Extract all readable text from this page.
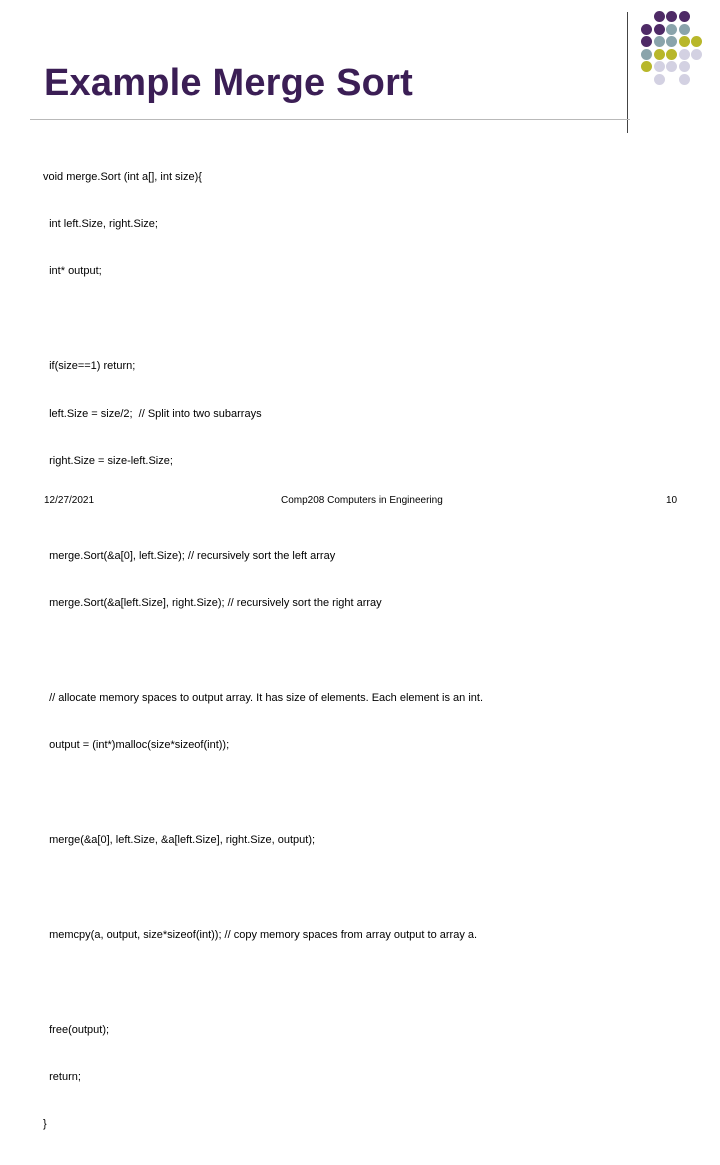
Example Merge Sort

void merge.Sort (int a[], int size){

int left.Size, right.Size;

int* output;

if(size==1) return;

left.Size = size/2;  // Split into two subarrays

right.Size = size-left.Size;

merge.Sort(&a[0], left.Size); // recursively sort the left array

merge.Sort(&a[left.Size], right.Size); // recursively sort the right array

// allocate memory spaces to output array. It has size of elements. Each element is an int.

output = (int*)malloc(size*sizeof(int));

merge(&a[0], left.Size, &a[left.Size], right.Size, output);

memcpy(a, output, size*sizeof(int)); // copy memory spaces from array output to array a.

free(output);

return;

}

12/27/2021	Comp208 Computers in Engineering	10
